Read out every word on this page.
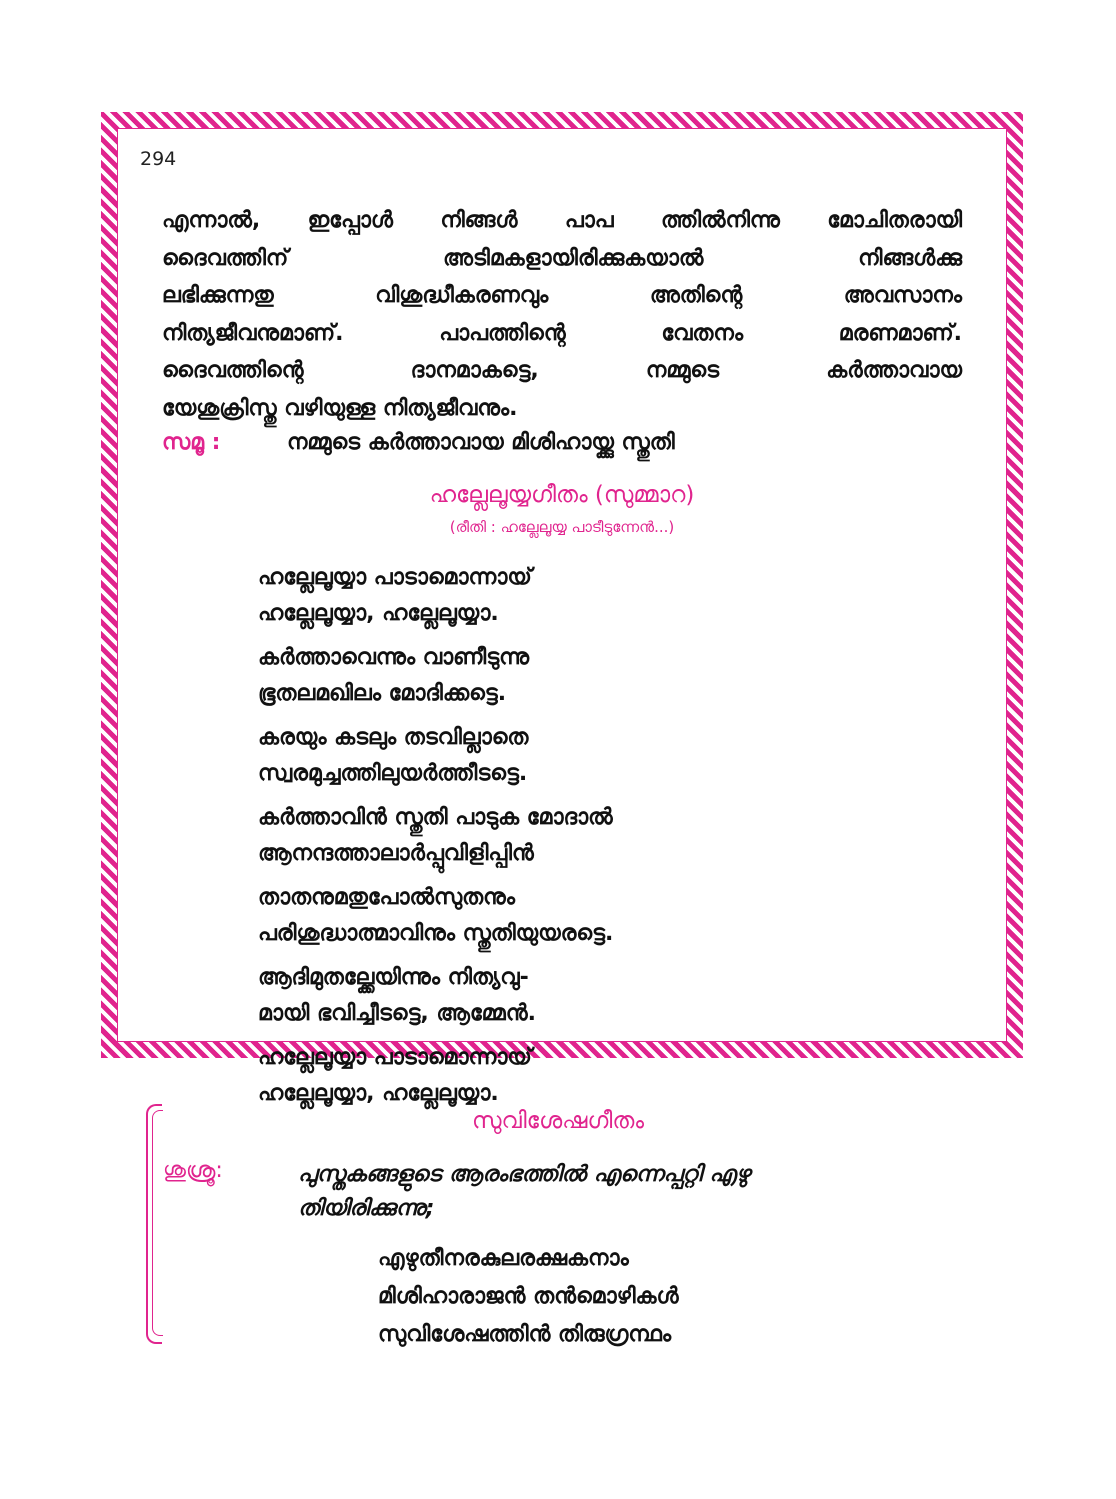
294
എന്നാൽ, ഇപ്പോൾ നിങ്ങൾ പാപ ത്തിൽനിന്നു മോചിതരായി
ദൈവത്തിന് അടിമകളായിരിക്കുകയാൽ നിങ്ങൾക്കു
ലഭിക്കുന്നതു വിശുദ്ധീകരണവും അതിന്റെ അവസാനം
നിത്യജീവനുമാണ്. പാപത്തിന്റെ വേതനം മരണമാണ്.
ദൈവത്തിന്റെ ദാനമാകട്ടെ, നമ്മുടെ കർത്താവായ
യേശുക്രിസ്തു വഴിയുള്ള നിത്യജീവനും.
സമൂ :	നമ്മുടെ കർത്താവായ മിശിഹായ്ക്കു സ്തുതി
ഹല്ലേലൂയ്യഗീതം (സുമ്മാറ)
(രീതി : ഹല്ലേലൂയ്യ പാടീടുന്നേൻ...)
ഹല്ലേലൂയ്യാ പാടാമൊന്നായ്
ഹല്ലേലൂയ്യാ, ഹല്ലേലൂയ്യാ.
കർത്താവെന്നും വാണീടുന്നു
ഭൂതലമഖിലം മോദിക്കട്ടെ.
കരയും കടലും തടവില്ലാതെ
സ്വരമുച്ചത്തിലുയർത്തീടട്ടെ.
കർത്താവിൻ സ്തുതി പാടുക മോദാൽ
ആനന്ദത്താലാർപ്പുവിളിപ്പിൻ
താതനുമതുപോൽസുതനും
പരിശുദ്ധാത്മാവിനും സ്തുതിയുയരട്ടെ.
ആദിമുതല്ക്കേയിന്നും നിത്യവു-
മായി ഭവിച്ചീടട്ടെ, ആമ്മേൻ.
ഹല്ലേലൂയ്യാ പാടാമൊന്നായ്
ഹല്ലേലൂയ്യാ, ഹല്ലേലൂയ്യാ.
സുവിശേഷഗീതം
ശുശ്രൂ:	പുസ്തകങ്ങളുടെ ആരംഭത്തിൽ എന്നെപ്പറ്റി എഴു
തിയിരിക്കുന്നു;
എഴുതീനരകുലരക്ഷകനാം
മിശിഹാരാജൻ തൻമൊഴികൾ
സുവിശേഷത്തിൻ തിരുഗ്രന്ഥം
